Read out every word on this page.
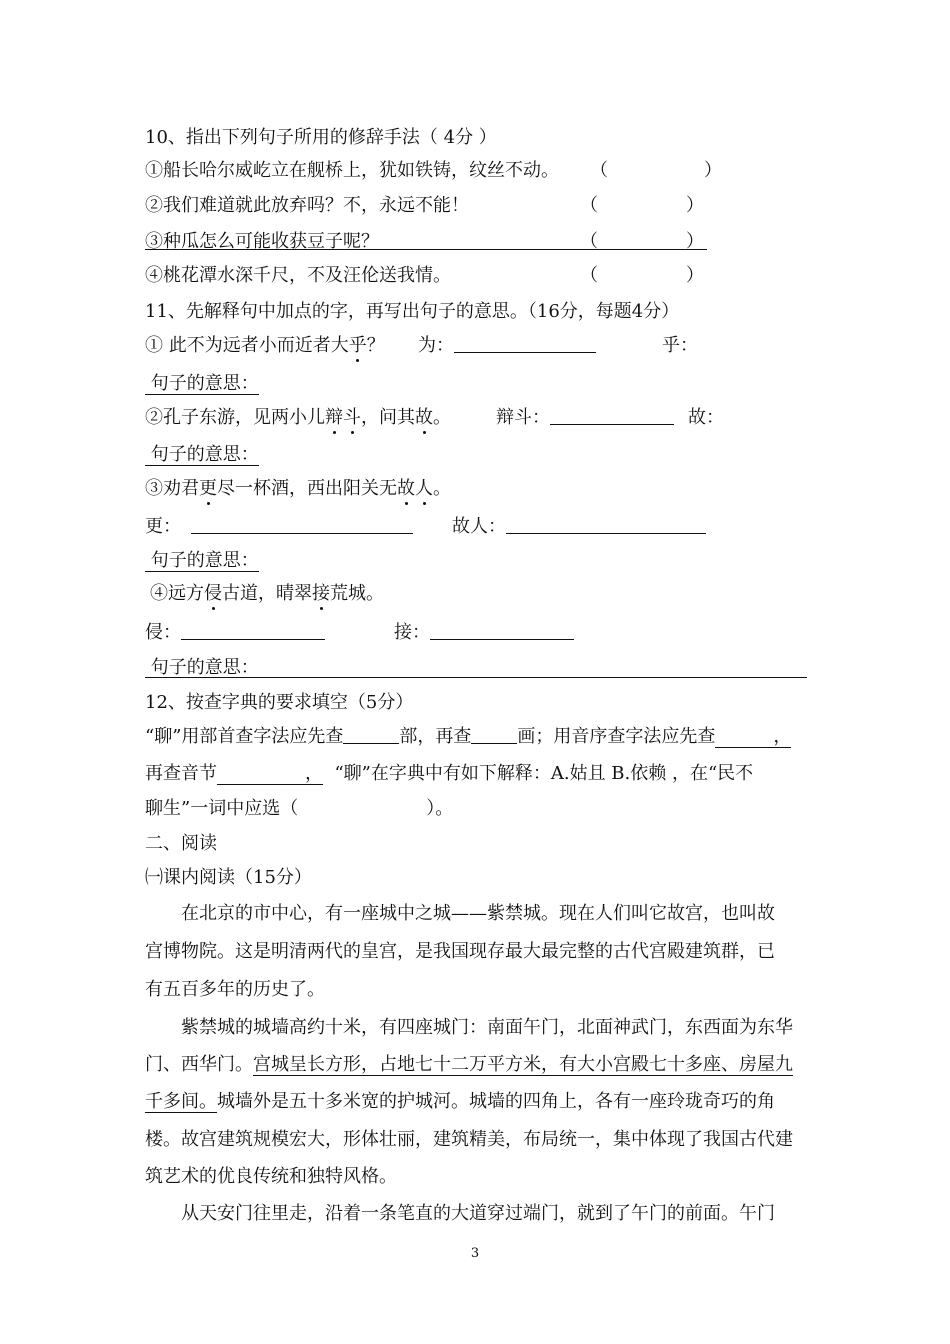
10、指出下列句子所用的修辞手法（ 4分 ）
①船长哈尔威屹立在舰桥上，犹如铁铸，纹丝不动。 （	）
②我们难道就此放弃吗？不，永远不能！	（	）
③种瓜怎么可能收获豆子呢？	（	）
④桃花潭水深千尺，不及汪伦送我情。	（	）
11、先解释句中加点的字，再写出句子的意思。（16分，每题4分）
① 此不为远者小而近者大乎？ 为：	乎：
句子的意思：
②孔子东游，见两小儿辩斗，问其故。	辩斗：	故：
句子的意思：
③劝君更尽一杯酒，西出阳关无故人。
更：	故人：
句子的意思：
④远方侵古道，晴翠接荒城。
侵：	接：
句子的意思：
12、按查字典的要求填空（5分）
“聊”用部首查字法应先查	部，再查	画；用音序查字法应先查	，
再查音节	， “聊”在字典中有如下解释：A.姑且 B.依赖 ，在“民不
聊生”一词中应选（	）。
二、阅读
㈠课内阅读（15分）
在北京的市中心，有一座城中之城——紫禁城。现在人们叫它故宫，也叫故
宫博物院。这是明清两代的皇宫，是我国现存最大最完整的古代宫殿建筑群，已
有五百多年的历史了。
紫禁城的城墙高约十米，有四座城门：南面午门，北面神武门，东西面为东华
门、西华门。宫城呈长方形，占地七十二万平方米，有大小宫殿七十多座、房屋九
千多间。城墙外是五十多米宽的护城河。城墙的四角上，各有一座玲珑奇巧的角
楼。故宫建筑规模宏大，形体壮丽，建筑精美，布局统一，集中体现了我国古代建
筑艺术的优良传统和独特风格。
从天安门往里走，沿着一条笔直的大道穿过端门，就到了午门的前面。午门
3
